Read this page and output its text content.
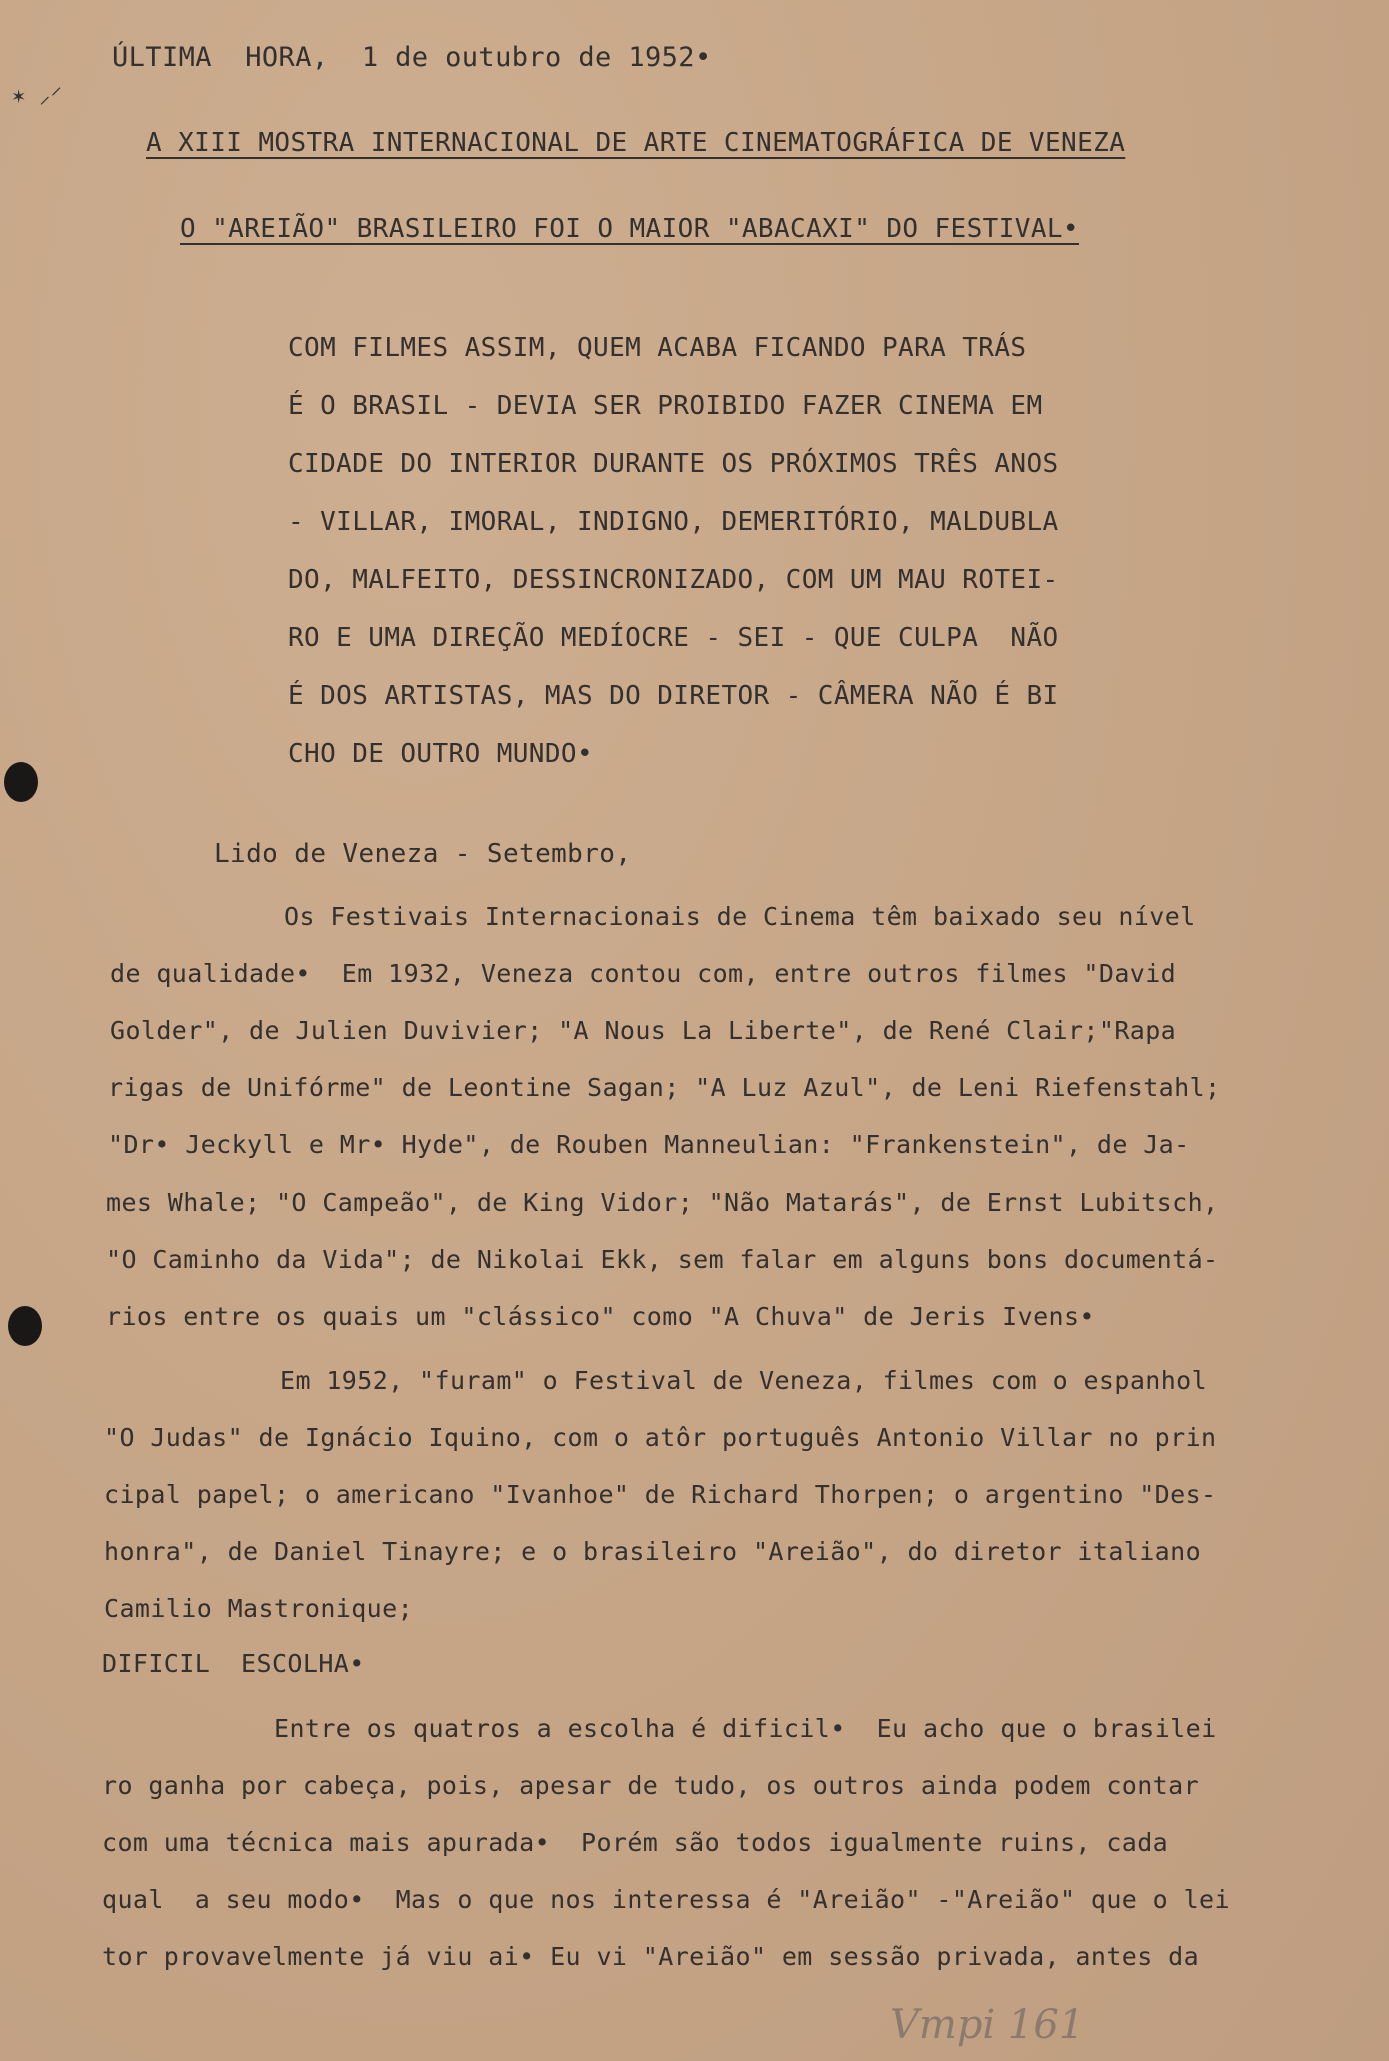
ÚLTIMA  HORA,  1 de outubro de 1952•
✶ ⸝⸍
A XIII MOSTRA INTERNACIONAL DE ARTE CINEMATOGRÁFICA DE VENEZA
O "AREIÃO" BRASILEIRO FOI O MAIOR "ABACAXI" DO FESTIVAL•
COM FILMES ASSIM, QUEM ACABA FICANDO PARA TRÁS
É O BRASIL - DEVIA SER PROIBIDO FAZER CINEMA EM
CIDADE DO INTERIOR DURANTE OS PRÓXIMOS TRÊS ANOS
- VILLAR, IMORAL, INDIGNO, DEMERITÓRIO, MALDUBLA
DO, MALFEITO, DESSINCRONIZADO, COM UM MAU ROTEI-
RO E UMA DIREÇÃO MEDÍOCRE - SEI - QUE CULPA  NÃO
É DOS ARTISTAS, MAS DO DIRETOR - CÂMERA NÃO É BI
CHO DE OUTRO MUNDO•
Lido de Veneza - Setembro,
Os Festivais Internacionais de Cinema têm baixado seu nível
de qualidade•  Em 1932, Veneza contou com, entre outros filmes "David
Golder", de Julien Duvivier; "A Nous La Liberte", de René Clair;"Rapa
rigas de Unifórme" de Leontine Sagan; "A Luz Azul", de Leni Riefenstahl;
"Dr• Jeckyll e Mr• Hyde", de Rouben Manneulian: "Frankenstein", de Ja-
mes Whale; "O Campeão", de King Vidor; "Não Matarás", de Ernst Lubitsch,
"O Caminho da Vida"; de Nikolai Ekk, sem falar em alguns bons documentá-
rios entre os quais um "clássico" como "A Chuva" de Jeris Ivens•
Em 1952, "furam" o Festival de Veneza, filmes com o espanhol
"O Judas" de Ignácio Iquino, com o atôr português Antonio Villar no prin
cipal papel; o americano "Ivanhoe" de Richard Thorpen; o argentino "Des-
honra", de Daniel Tinayre; e o brasileiro "Areião", do diretor italiano
Camilio Mastronique;
DIFICIL  ESCOLHA•
Entre os quatros a escolha é dificil•  Eu acho que o brasilei
ro ganha por cabeça, pois, apesar de tudo, os outros ainda podem contar
com uma técnica mais apurada•  Porém são todos igualmente ruins, cada
qual  a seu modo•  Mas o que nos interessa é "Areião" -"Areião" que o lei
tor provavelmente já viu ai• Eu vi "Areião" em sessão privada, antes da
Vmpi 161
